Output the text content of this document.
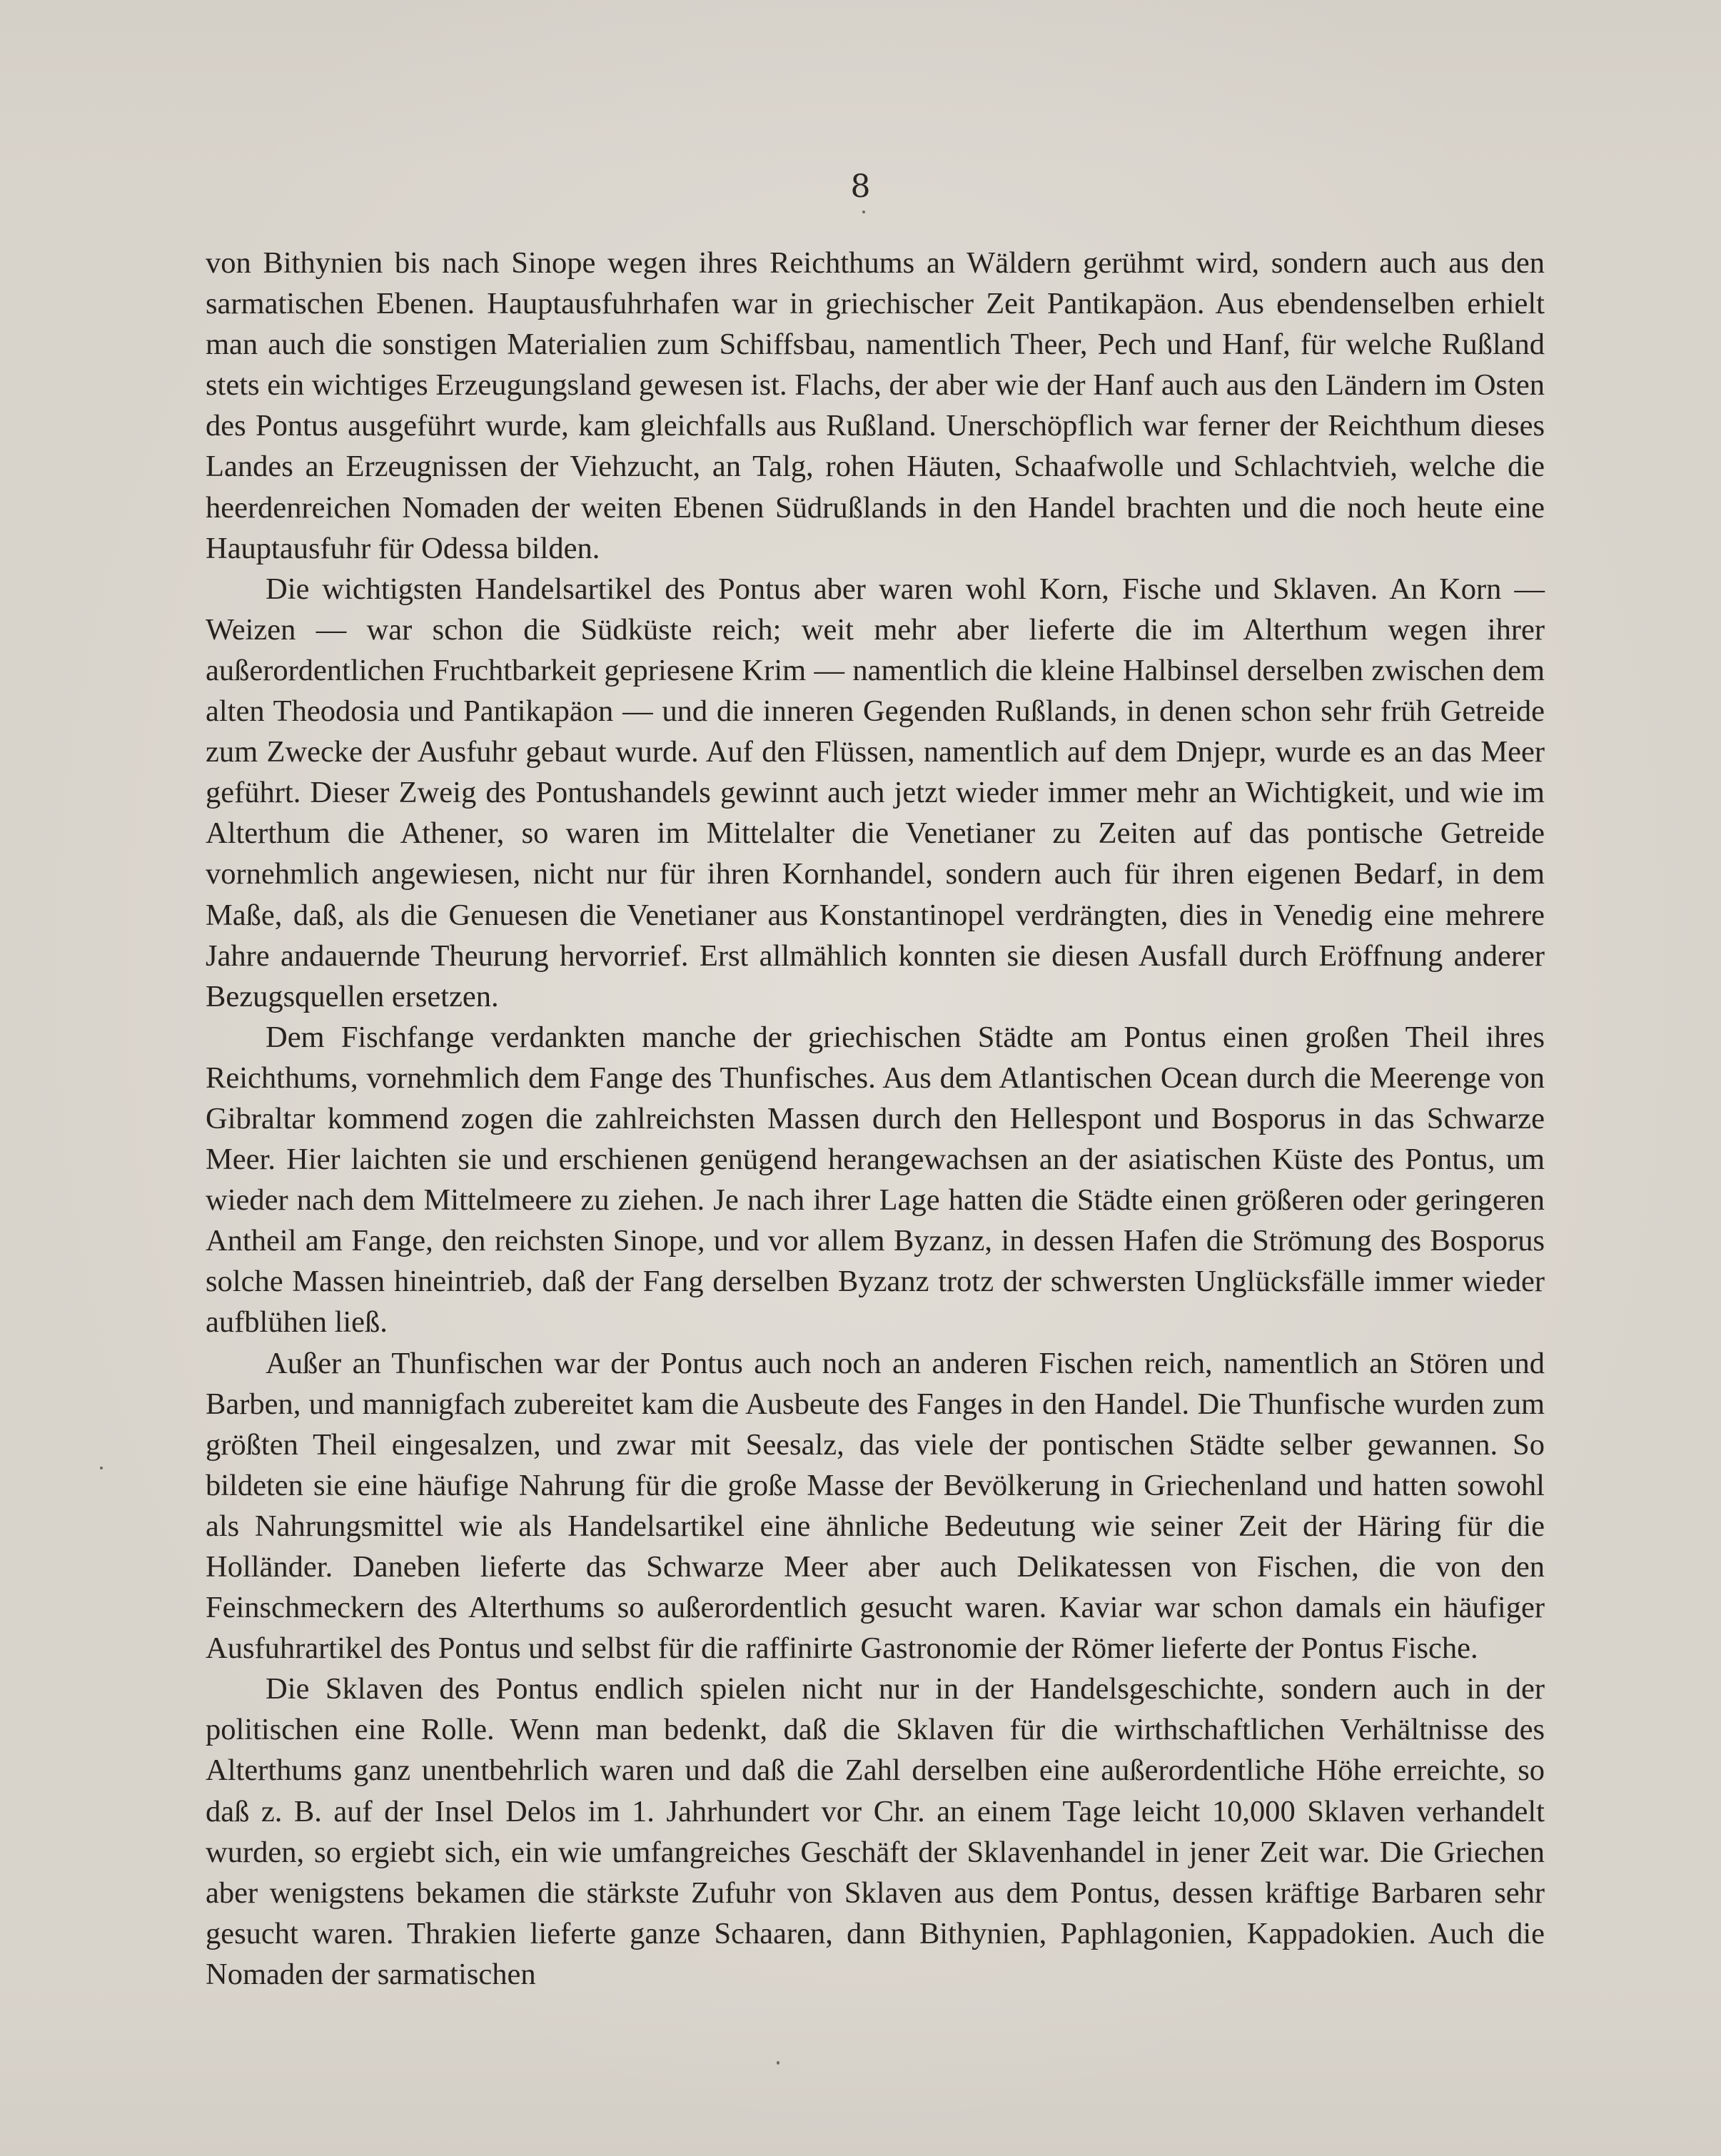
8

von Bithynien bis nach Sinope wegen ihres Reichthums an Wäldern gerühmt wird, sondern auch aus den sarmatischen Ebenen. Hauptausfuhrhafen war in griechischer Zeit Pantikapäon. Aus ebendenselben erhielt man auch die sonstigen Materialien zum Schiffsbau, namentlich Theer, Pech und Hanf, für welche Rußland stets ein wichtiges Erzeugungsland gewesen ist. Flachs, der aber wie der Hanf auch aus den Ländern im Osten des Pontus ausgeführt wurde, kam gleichfalls aus Rußland. Unerschöpflich war ferner der Reichthum dieses Landes an Erzeugnissen der Viehzucht, an Talg, rohen Häuten, Schaafwolle und Schlachtvieh, welche die heerdenreichen Nomaden der weiten Ebenen Südrußlands in den Handel brachten und die noch heute eine Hauptausfuhr für Odessa bilden.

Die wichtigsten Handelsartikel des Pontus aber waren wohl Korn, Fische und Sklaven. An Korn — Weizen — war schon die Südküste reich; weit mehr aber lieferte die im Alterthum wegen ihrer außerordentlichen Fruchtbarkeit gepriesene Krim — namentlich die kleine Halbinsel derselben zwischen dem alten Theodosia und Pantikapäon — und die inneren Gegenden Rußlands, in denen schon sehr früh Getreide zum Zwecke der Ausfuhr gebaut wurde. Auf den Flüssen, namentlich auf dem Dnjepr, wurde es an das Meer geführt. Dieser Zweig des Pontushandels gewinnt auch jetzt wieder immer mehr an Wichtigkeit, und wie im Alterthum die Athener, so waren im Mittelalter die Venetianer zu Zeiten auf das pontische Getreide vornehmlich angewiesen, nicht nur für ihren Kornhandel, sondern auch für ihren eigenen Bedarf, in dem Maße, daß, als die Genuesen die Venetianer aus Konstantinopel verdrängten, dies in Venedig eine mehrere Jahre andauernde Theurung hervorrief. Erst allmählich konnten sie diesen Ausfall durch Eröffnung anderer Bezugsquellen ersetzen.

Dem Fischfange verdankten manche der griechischen Städte am Pontus einen großen Theil ihres Reichthums, vornehmlich dem Fange des Thunfisches. Aus dem Atlantischen Ocean durch die Meerenge von Gibraltar kommend zogen die zahlreichsten Massen durch den Hellespont und Bosporus in das Schwarze Meer. Hier laichten sie und erschienen genügend herangewachsen an der asiatischen Küste des Pontus, um wieder nach dem Mittelmeere zu ziehen. Je nach ihrer Lage hatten die Städte einen größeren oder geringeren Antheil am Fange, den reichsten Sinope, und vor allem Byzanz, in dessen Hafen die Strömung des Bosporus solche Massen hineintrieb, daß der Fang derselben Byzanz trotz der schwersten Unglücksfälle immer wieder aufblühen ließ.

Außer an Thunfischen war der Pontus auch noch an anderen Fischen reich, namentlich an Stören und Barben, und mannigfach zubereitet kam die Ausbeute des Fanges in den Handel. Die Thunfische wurden zum größten Theil eingesalzen, und zwar mit Seesalz, das viele der pontischen Städte selber gewannen. So bildeten sie eine häufige Nahrung für die große Masse der Bevölkerung in Griechenland und hatten sowohl als Nahrungsmittel wie als Handelsartikel eine ähnliche Bedeutung wie seiner Zeit der Häring für die Holländer. Daneben lieferte das Schwarze Meer aber auch Delikatessen von Fischen, die von den Feinschmeckern des Alterthums so außerordentlich gesucht waren. Kaviar war schon damals ein häufiger Ausfuhrartikel des Pontus und selbst für die raffinirte Gastronomie der Römer lieferte der Pontus Fische.

Die Sklaven des Pontus endlich spielen nicht nur in der Handelsgeschichte, sondern auch in der politischen eine Rolle. Wenn man bedenkt, daß die Sklaven für die wirthschaftlichen Verhältnisse des Alterthums ganz unentbehrlich waren und daß die Zahl derselben eine außerordentliche Höhe erreichte, so daß z. B. auf der Insel Delos im 1. Jahrhundert vor Chr. an einem Tage leicht 10,000 Sklaven verhandelt wurden, so ergiebt sich, ein wie umfangreiches Geschäft der Sklavenhandel in jener Zeit war. Die Griechen aber wenigstens bekamen die stärkste Zufuhr von Sklaven aus dem Pontus, dessen kräftige Barbaren sehr gesucht waren. Thrakien lieferte ganze Schaaren, dann Bithynien, Paphlagonien, Kappadokien. Auch die Nomaden der sarmatischen
